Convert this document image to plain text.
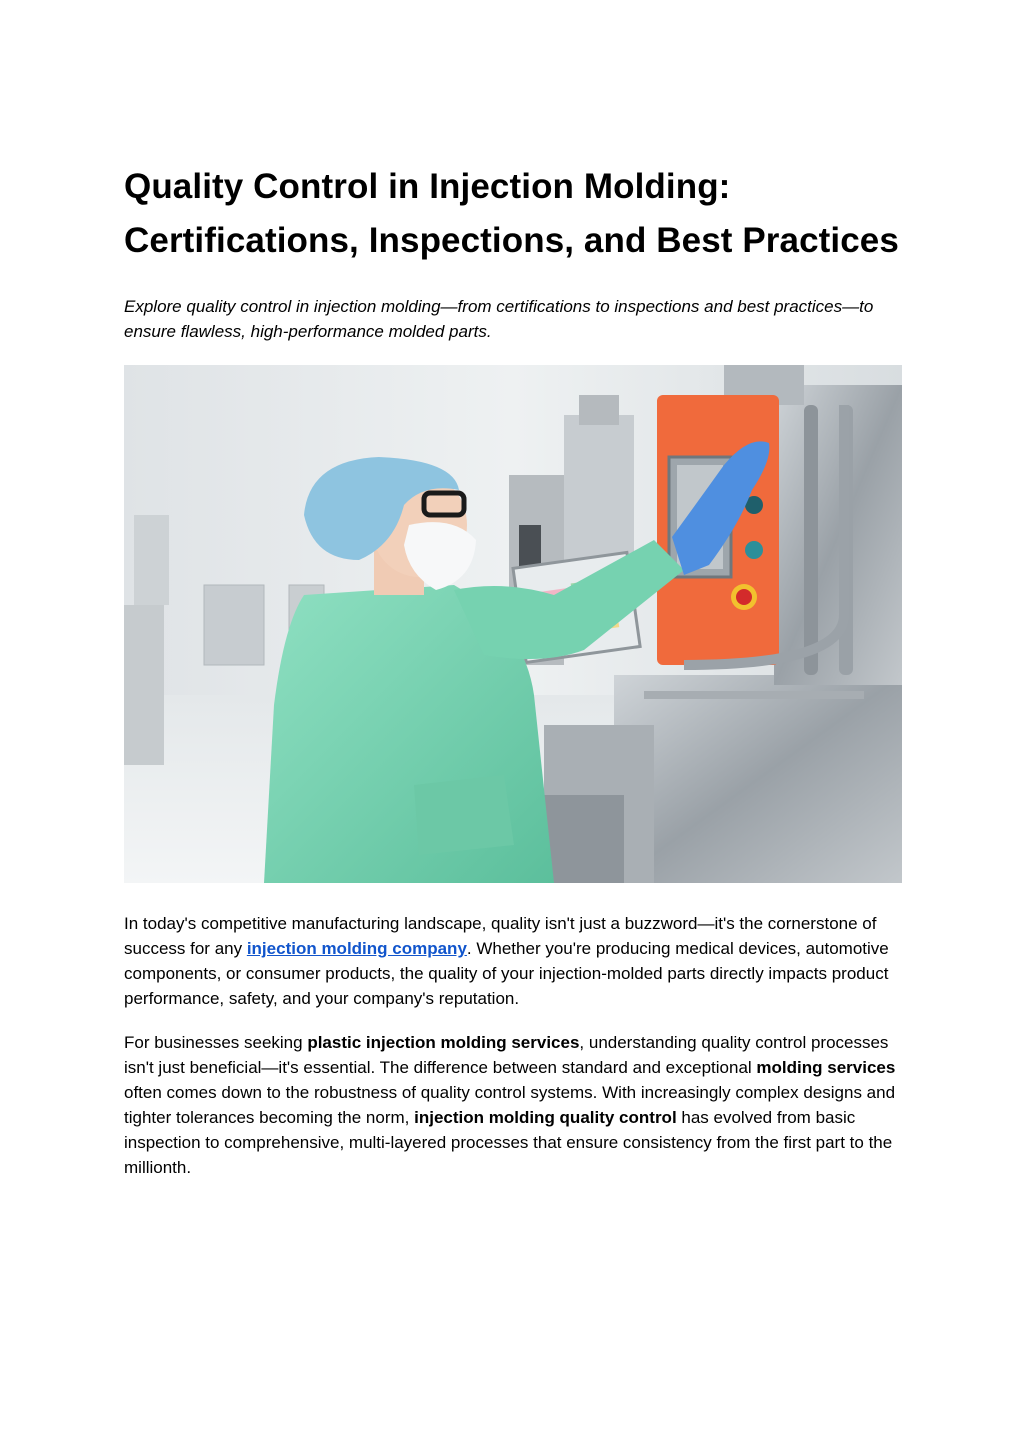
Quality Control in Injection Molding: Certifications, Inspections, and Best Practices

Explore quality control in injection molding—from certifications to inspections and best practices—to ensure flawless, high-performance molded parts.

In today's competitive manufacturing landscape, quality isn't just a buzzword—it's the cornerstone of success for any injection molding company. Whether you're producing medical devices, automotive components, or consumer products, the quality of your injection-molded parts directly impacts product performance, safety, and your company's reputation.

For businesses seeking plastic injection molding services, understanding quality control processes isn't just beneficial—it's essential. The difference between standard and exceptional molding services often comes down to the robustness of quality control systems. With increasingly complex designs and tighter tolerances becoming the norm, injection molding quality control has evolved from basic inspection to comprehensive, multi-layered processes that ensure consistency from the first part to the millionth.
